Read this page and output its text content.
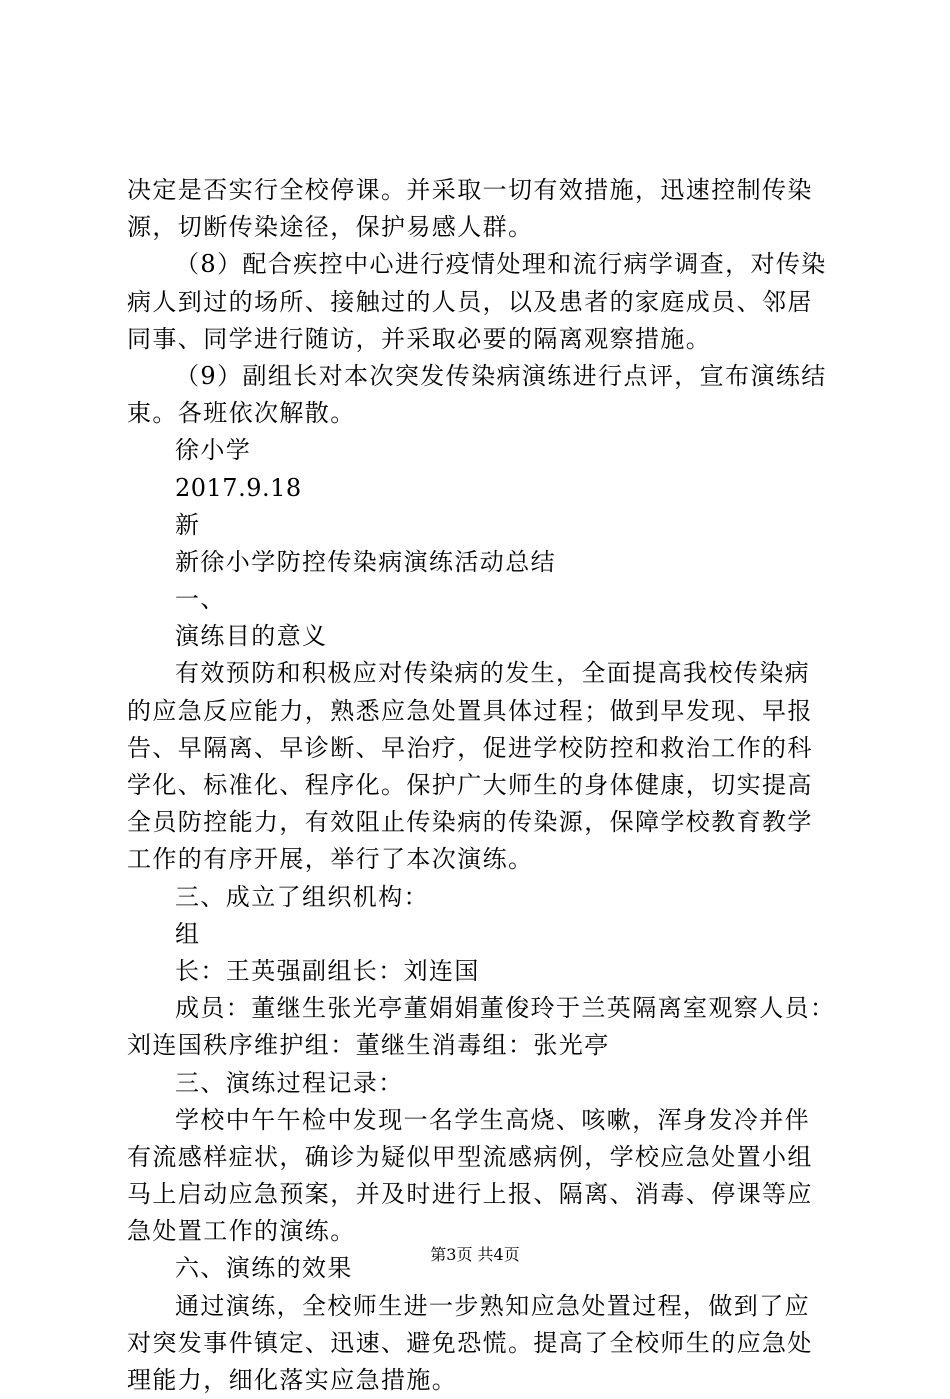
决定是否实行全校停课。并采取一切有效措施，迅速控制传染
源，切断传染途径，保护易感人群。
（8）配合疾控中心进行疫情处理和流行病学调查，对传染
病人到过的场所、接触过的人员，以及患者的家庭成员、邻居
同事、同学进行随访，并采取必要的隔离观察措施。
（9）副组长对本次突发传染病演练进行点评，宣布演练结
束。各班依次解散。
徐小学
2017.9.18
新
新徐小学防控传染病演练活动总结
一、
演练目的意义
有效预防和积极应对传染病的发生，全面提高我校传染病
的应急反应能力，熟悉应急处置具体过程；做到早发现、早报
告、早隔离、早诊断、早治疗，促进学校防控和救治工作的科
学化、标准化、程序化。保护广大师生的身体健康，切实提高
全员防控能力，有效阻止传染病的传染源，保障学校教育教学
工作的有序开展，举行了本次演练。
三、成立了组织机构：
组
长：王英强副组长：刘连国
成员：董继生张光亭董娟娟董俊玲于兰英隔离室观察人员：
刘连国秩序维护组：董继生消毒组：张光亭
三、演练过程记录：
学校中午午检中发现一名学生高烧、咳嗽，浑身发冷并伴
有流感样症状，确诊为疑似甲型流感病例，学校应急处置小组
马上启动应急预案，并及时进行上报、隔离、消毒、停课等应
急处置工作的演练。
六、演练的效果
通过演练，全校师生进一步熟知应急处置过程，做到了应
对突发事件镇定、迅速、避免恐慌。提高了全校师生的应急处
理能力，细化落实应急措施。
第3页 共4页
